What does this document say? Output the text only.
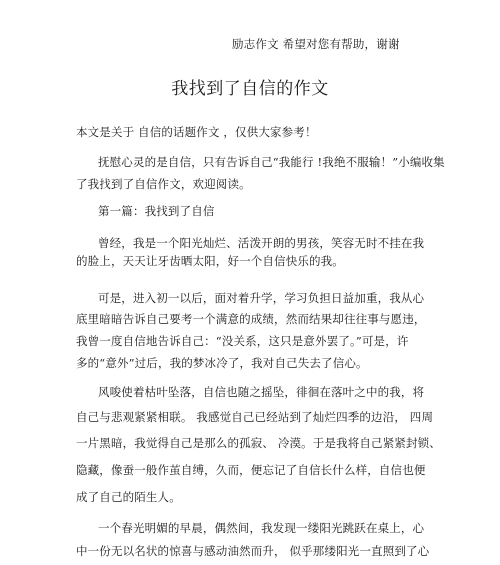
励志作文 希望对您有帮助，谢谢
我找到了自信的作文
本文是关于 自信的话题作文 ，仅供大家参考！
抚慰心灵的是自信，只有告诉自己“我能行 !我绝不服输！”小编收集
了我找到了自信作文，欢迎阅读。
第一篇：我找到了自信
曾经，我是一个阳光灿烂、活泼开朗的男孩，笑容无时不挂在我
的脸上，天天让牙齿晒太阳，好一个自信快乐的我。
可是，进入初一以后，面对着升学，学习负担日益加重，我从心
底里暗暗告诉自己要考一个满意的成绩，然而结果却往往事与愿违，
我曾一度自信地告诉自己：“没关系，这只是意外罢了。”可是，许
多的“意外”过后，我的梦冰冷了，我对自己失去了信心。
风唆使着枯叶坠落，自信也随之摇坠，徘徊在落叶之中的我，将
自己与悲观紧紧相联。 我感觉自己已经站到了灿烂四季的边沿， 四周
一片黑暗，我觉得自己是那么的孤寂、 冷漠。于是我将自己紧紧封锁、
隐藏，像蚕一般作茧自缚，久而，便忘记了自信长什么样，自信也便
成了自己的陌生人。
一个春光明媚的早晨，偶然间，我发现一缕阳光跳跃在桌上，心
中一份无以名状的惊喜与感动油然而升， 似乎那缕阳光一直照到了心
